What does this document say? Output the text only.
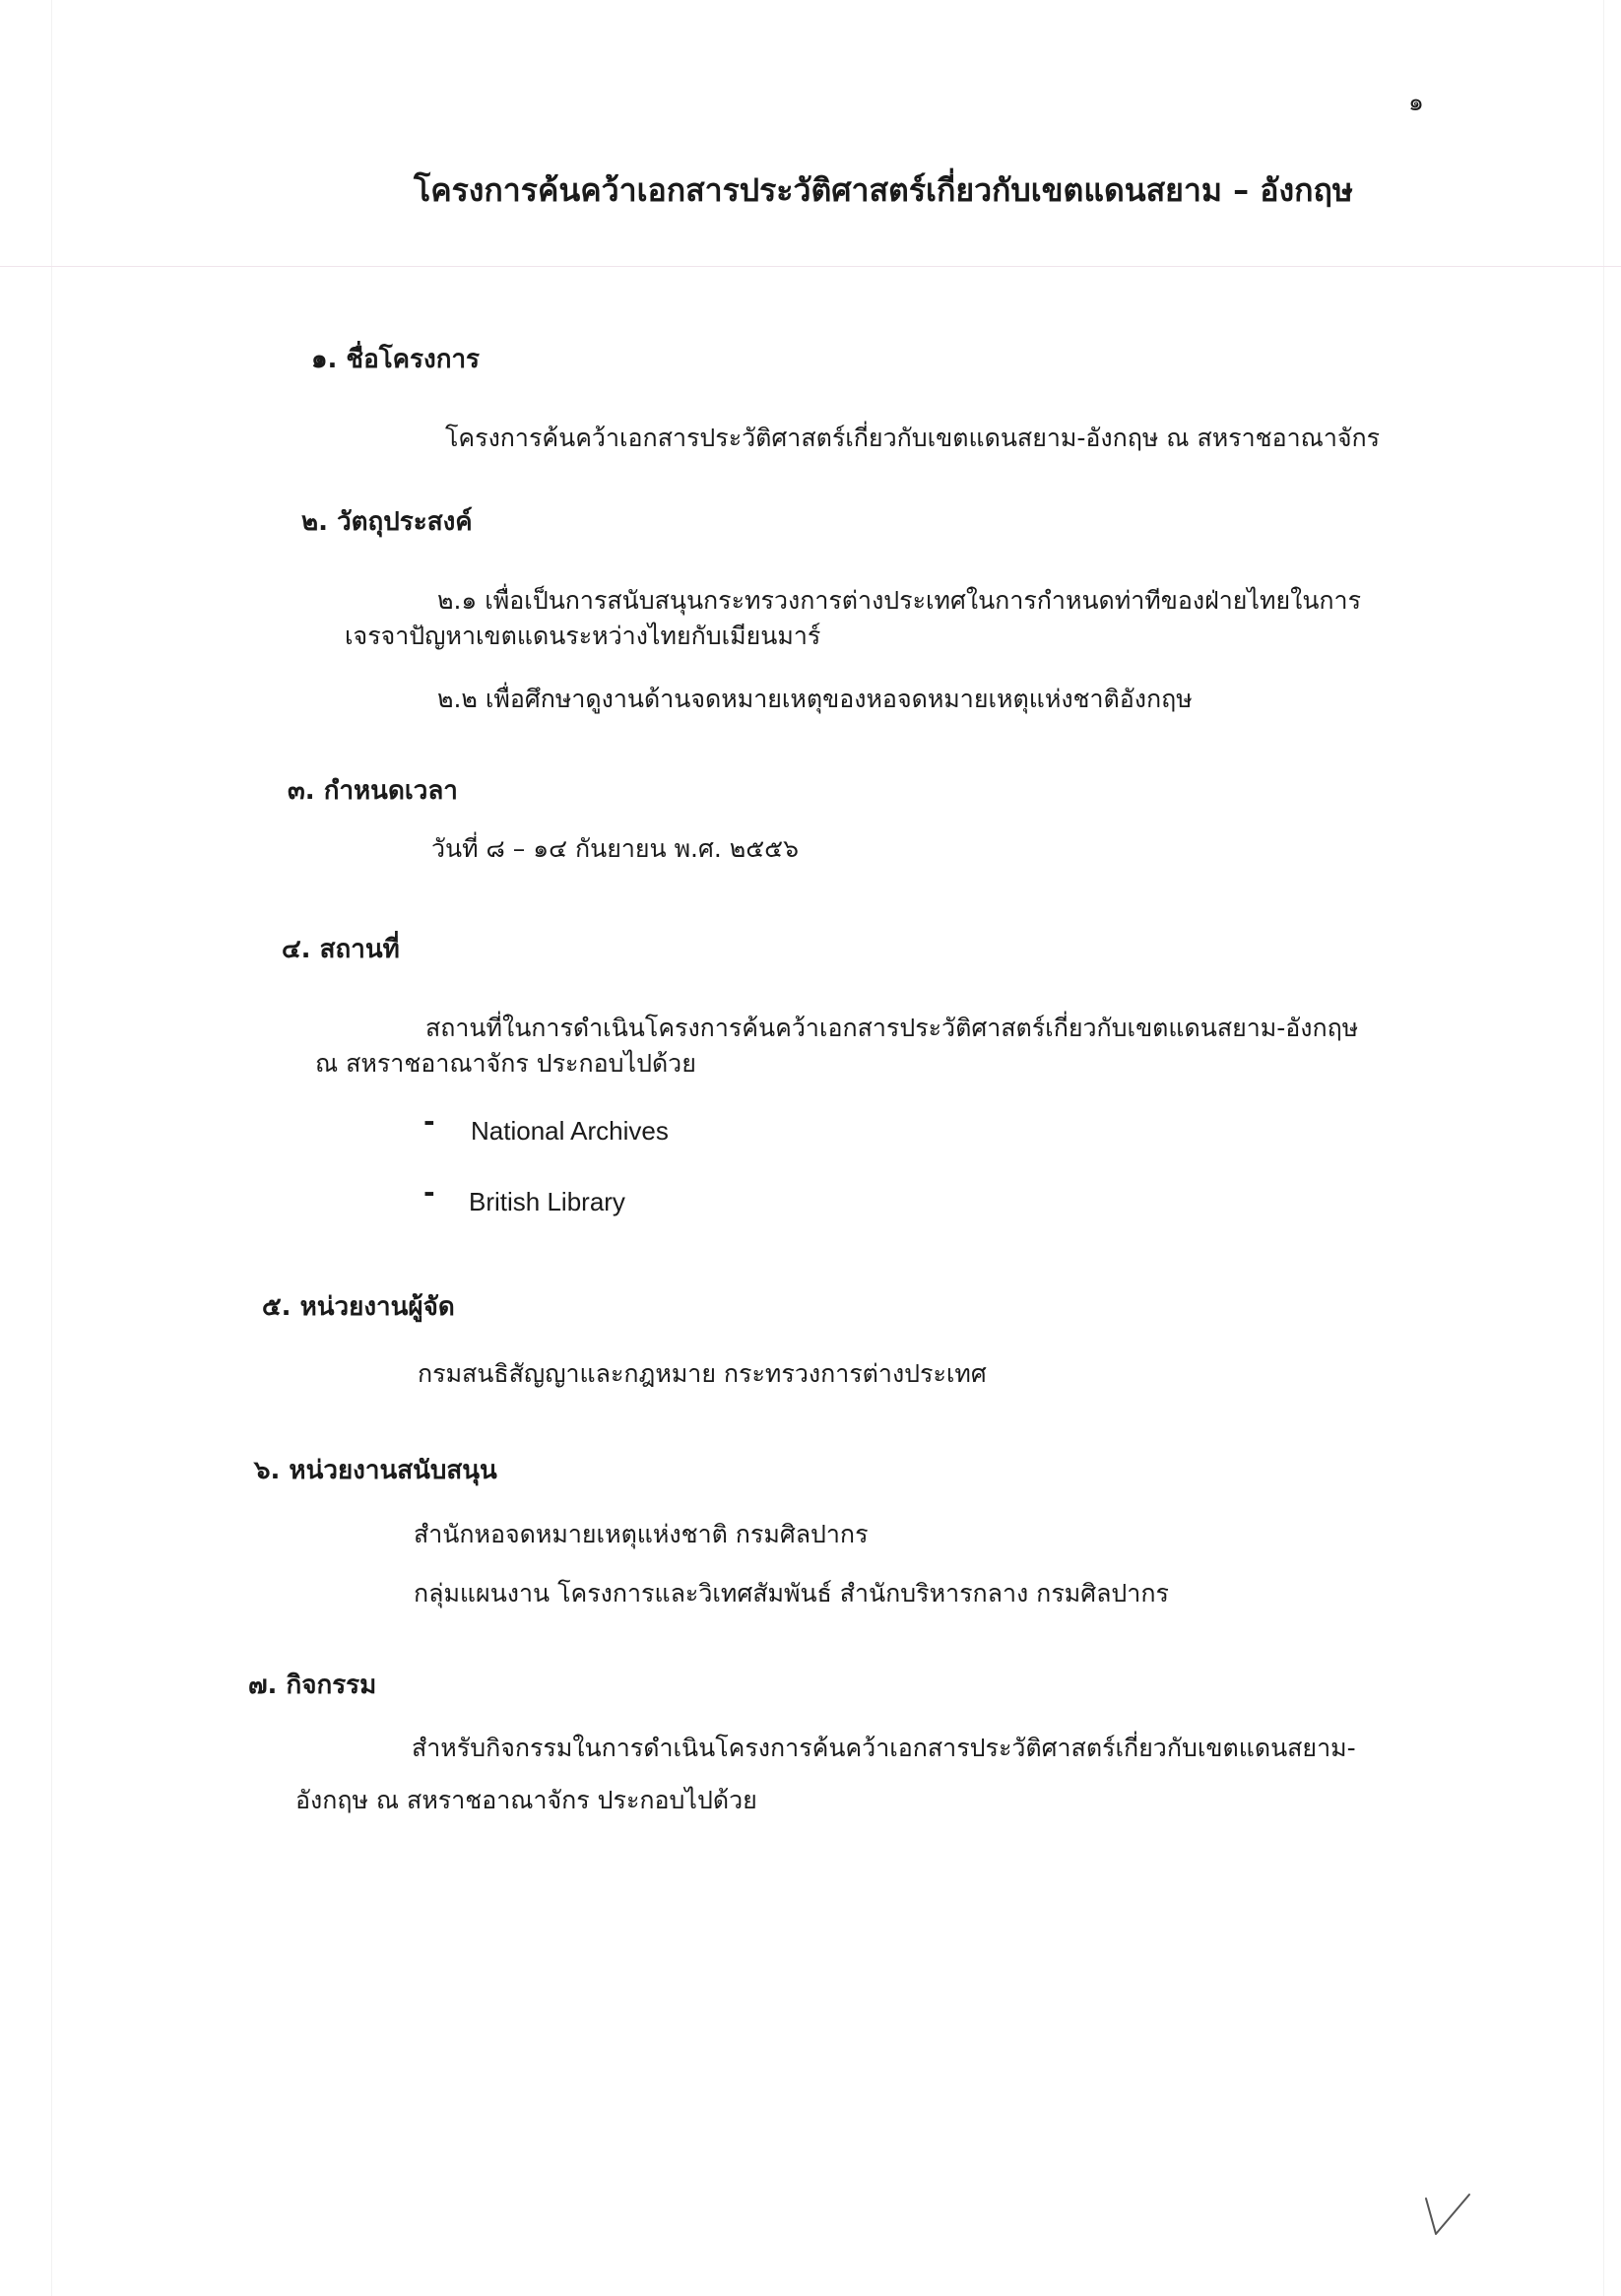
๑
โครงการค้นคว้าเอกสารประวัติศาสตร์เกี่ยวกับเขตแดนสยาม – อังกฤษ
๑. ชื่อโครงการ
โครงการค้นคว้าเอกสารประวัติศาสตร์เกี่ยวกับเขตแดนสยาม-อังกฤษ ณ สหราชอาณาจักร
๒. วัตถุประสงค์
๒.๑ เพื่อเป็นการสนับสนุนกระทรวงการต่างประเทศในการกำหนดท่าทีของฝ่ายไทยในการ
เจรจาปัญหาเขตแดนระหว่างไทยกับเมียนมาร์
๒.๒ เพื่อศึกษาดูงานด้านจดหมายเหตุของหอจดหมายเหตุแห่งชาติอังกฤษ
๓. กำหนดเวลา
วันที่ ๘ – ๑๔ กันยายน พ.ศ. ๒๕๕๖
๔. สถานที่
สถานที่ในการดำเนินโครงการค้นคว้าเอกสารประวัติศาสตร์เกี่ยวกับเขตแดนสยาม-อังกฤษ
ณ สหราชอาณาจักร ประกอบไปด้วย
- National Archives
- British Library
๕. หน่วยงานผู้จัด
กรมสนธิสัญญาและกฎหมาย กระทรวงการต่างประเทศ
๖. หน่วยงานสนับสนุน
สำนักหอจดหมายเหตุแห่งชาติ กรมศิลปากร
กลุ่มแผนงาน โครงการและวิเทศสัมพันธ์ สำนักบริหารกลาง กรมศิลปากร
๗. กิจกรรม
สำหรับกิจกรรมในการดำเนินโครงการค้นคว้าเอกสารประวัติศาสตร์เกี่ยวกับเขตแดนสยาม-
อังกฤษ ณ สหราชอาณาจักร ประกอบไปด้วย
